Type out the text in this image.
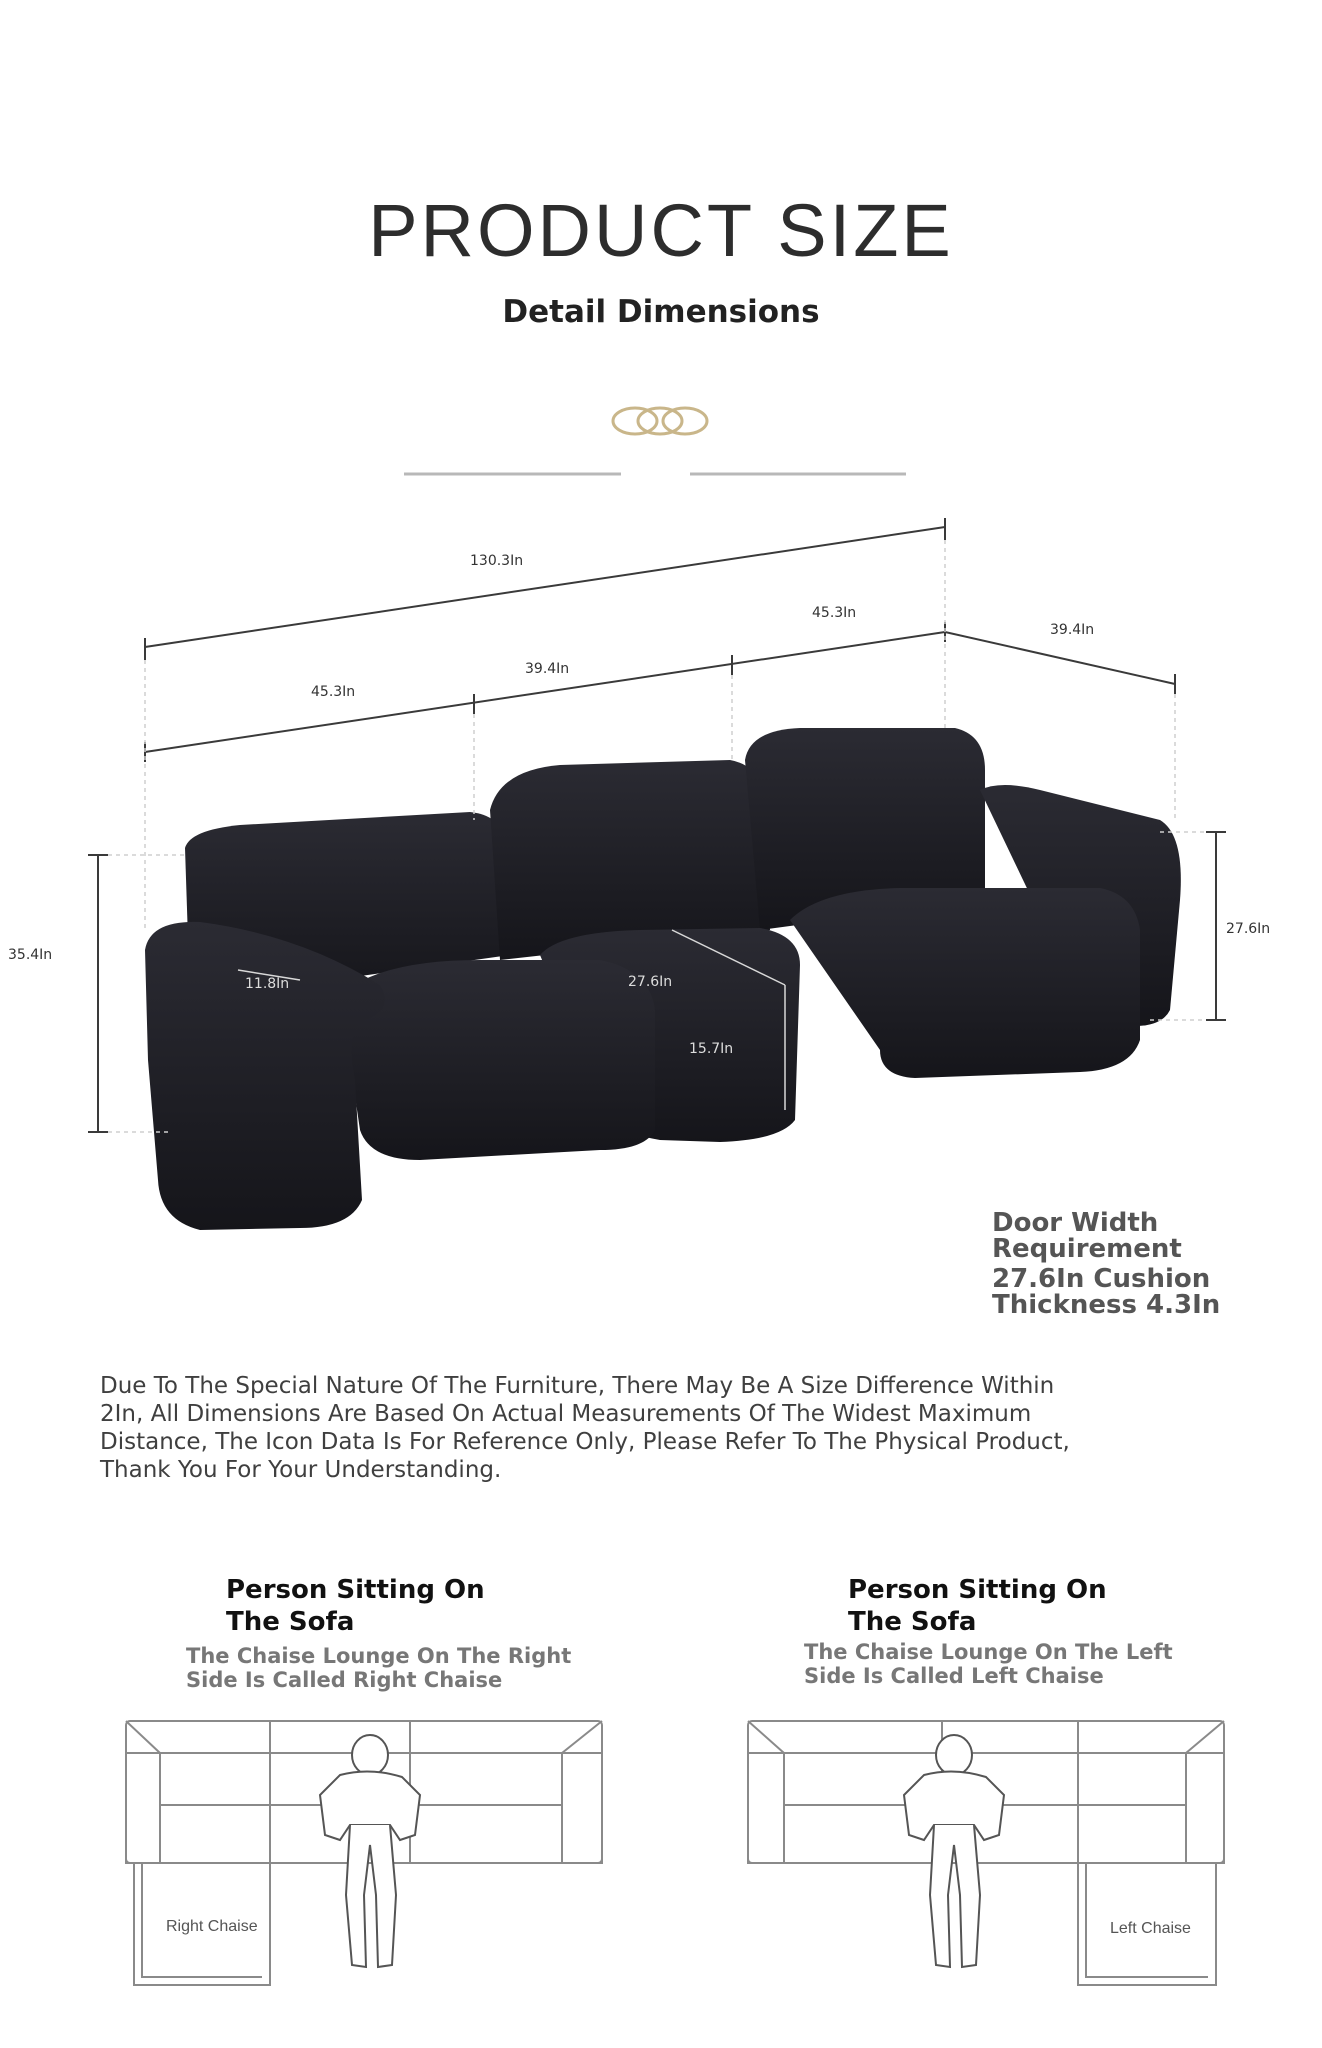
PRODUCT SIZE
Detail Dimensions
130.3In
45.3In
39.4In
45.3In
39.4In
35.4In
11.8In	27.6In
15.7In
27.6In
Door Width
Requirement
27.6In Cushion
Thickness 4.3In
Due To The Special Nature Of The Furniture, There May Be A Size Difference Within
2In, All Dimensions Are Based On Actual Measurements Of The Widest Maximum
Distance, The Icon Data Is For Reference Only, Please Refer To The Physical Product,
Thank You For Your Understanding.
Person Sitting On
The Sofa
The Chaise Lounge On The Right
Side Is Called Right Chaise
Right Chaise
Person Sitting On
The Sofa
The Chaise Lounge On The Left
Side Is Called Left Chaise
Left Chaise
